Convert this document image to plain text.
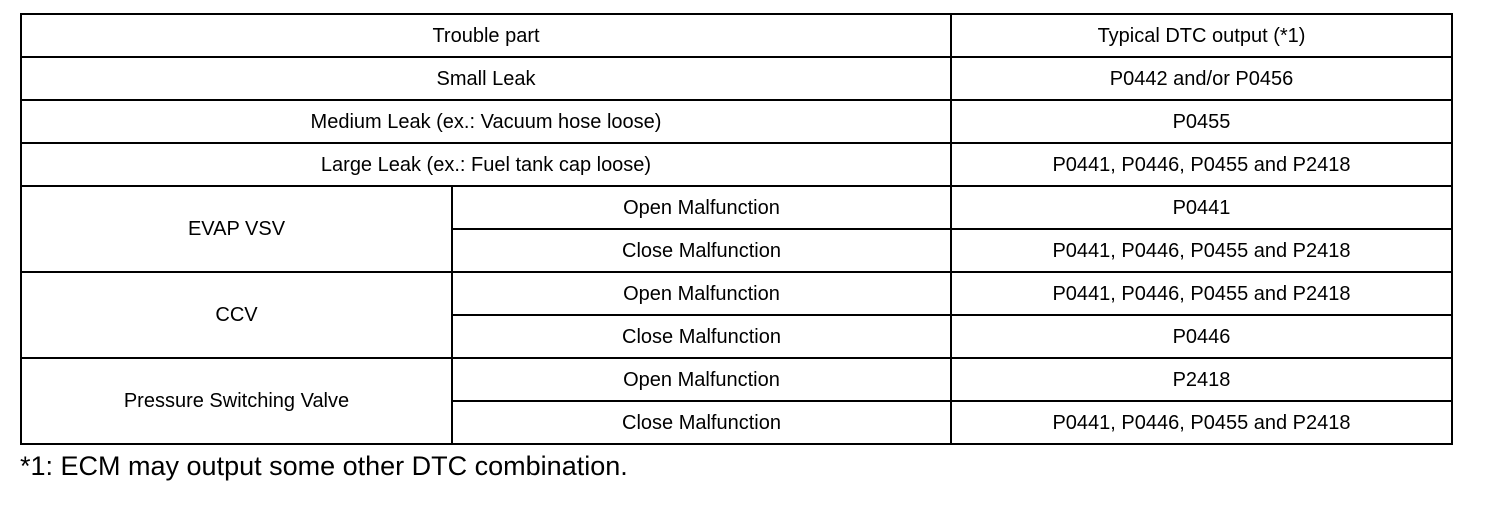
Trouble part		Typical DTC output (*1)
Small Leak		P0442 and/or P0456
Medium Leak (ex.: Vacuum hose loose)		P0455
Large Leak (ex.: Fuel tank cap loose)		P0441, P0446, P0455 and P2418
EVAP VSV	Open Malfunction	P0441
	Close Malfunction	P0441, P0446, P0455 and P2418
CCV	Open Malfunction	P0441, P0446, P0455 and P2418
	Close Malfunction	P0446
Pressure Switching Valve	Open Malfunction	P2418
	Close Malfunction	P0441, P0446, P0455 and P2418
*1: ECM may output some other DTC combination.
